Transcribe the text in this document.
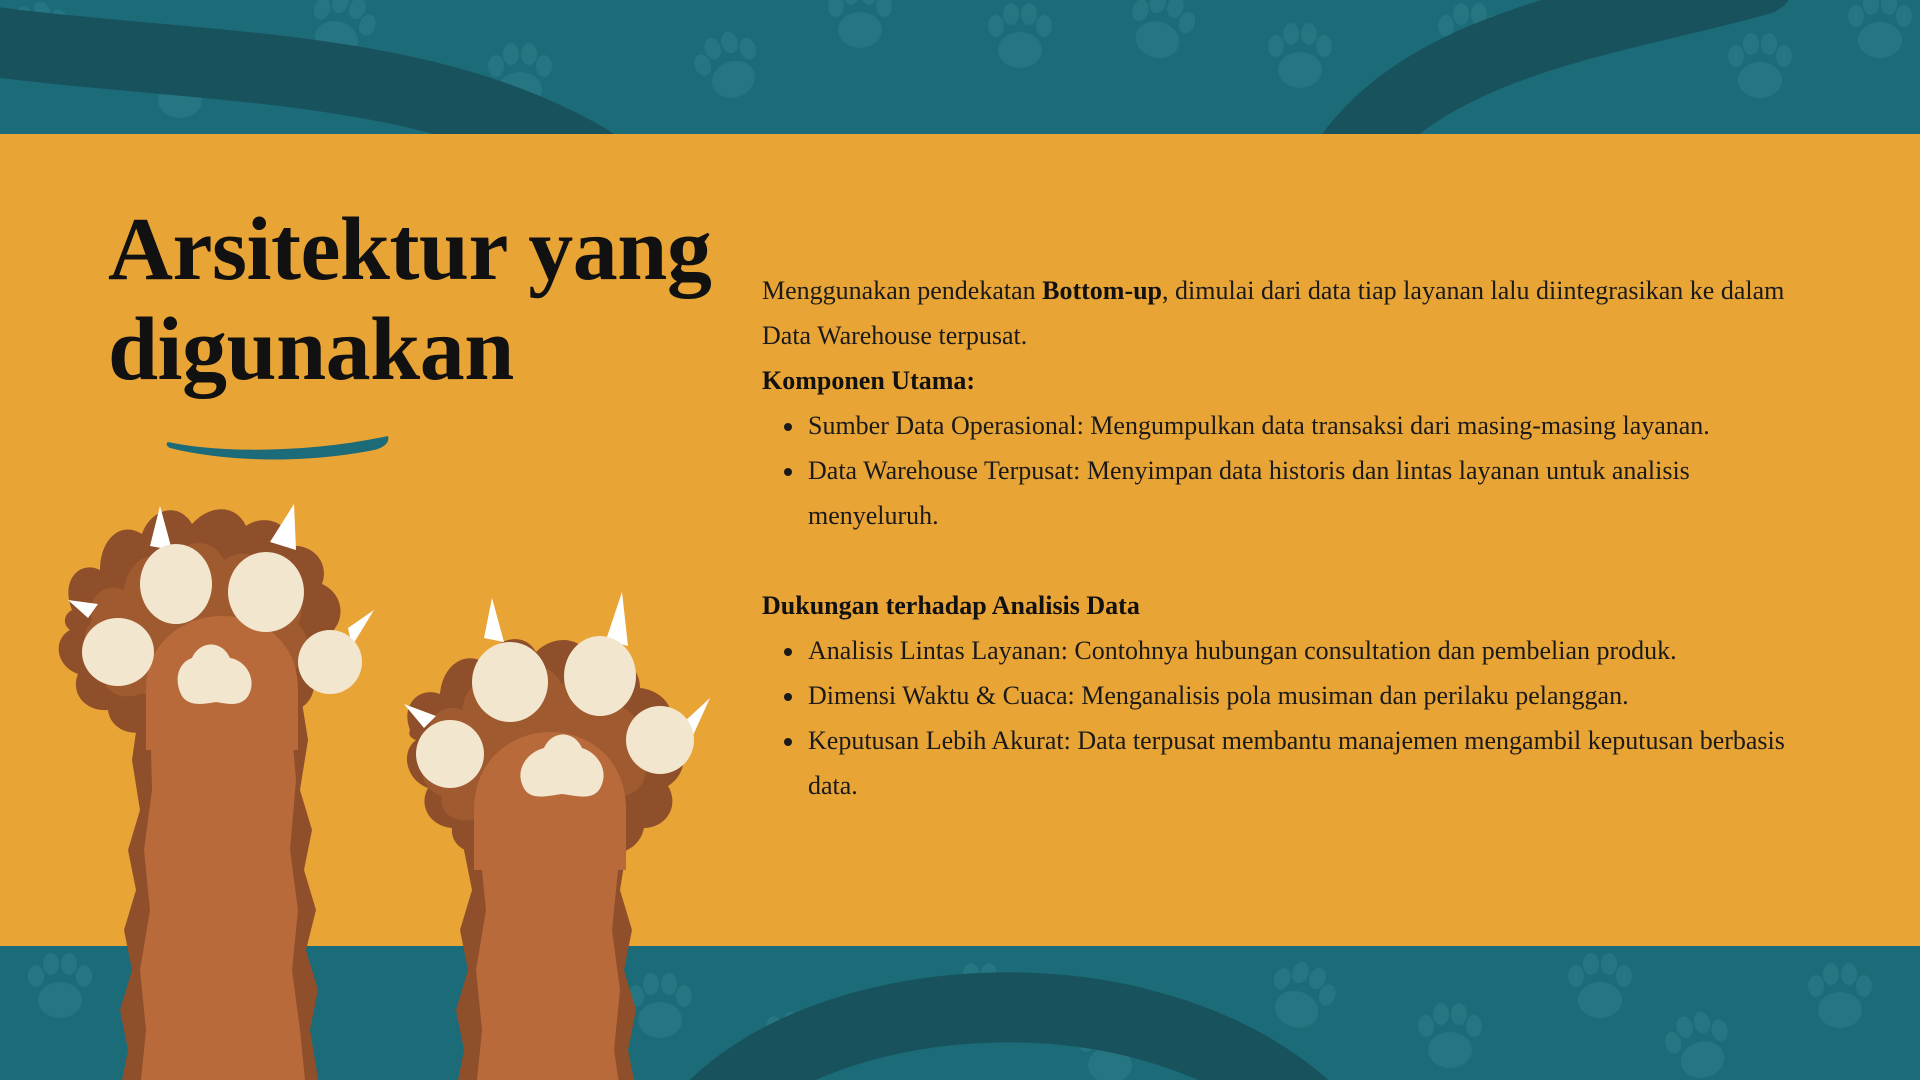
Arsitektur yang digunakan

Menggunakan pendekatan Bottom-up, dimulai dari data tiap layanan lalu diintegrasikan ke dalam Data Warehouse terpusat.

Komponen Utama:

• Sumber Data Operasional: Mengumpulkan data transaksi dari masing-masing layanan.
• Data Warehouse Terpusat: Menyimpan data historis dan lintas layanan untuk analisis menyeluruh.

Dukungan terhadap Analisis Data

• Analisis Lintas Layanan: Contohnya hubungan consultation dan pembelian produk.
• Dimensi Waktu & Cuaca: Menganalisis pola musiman dan perilaku pelanggan.
• Keputusan Lebih Akurat: Data terpusat membantu manajemen mengambil keputusan berbasis data.
